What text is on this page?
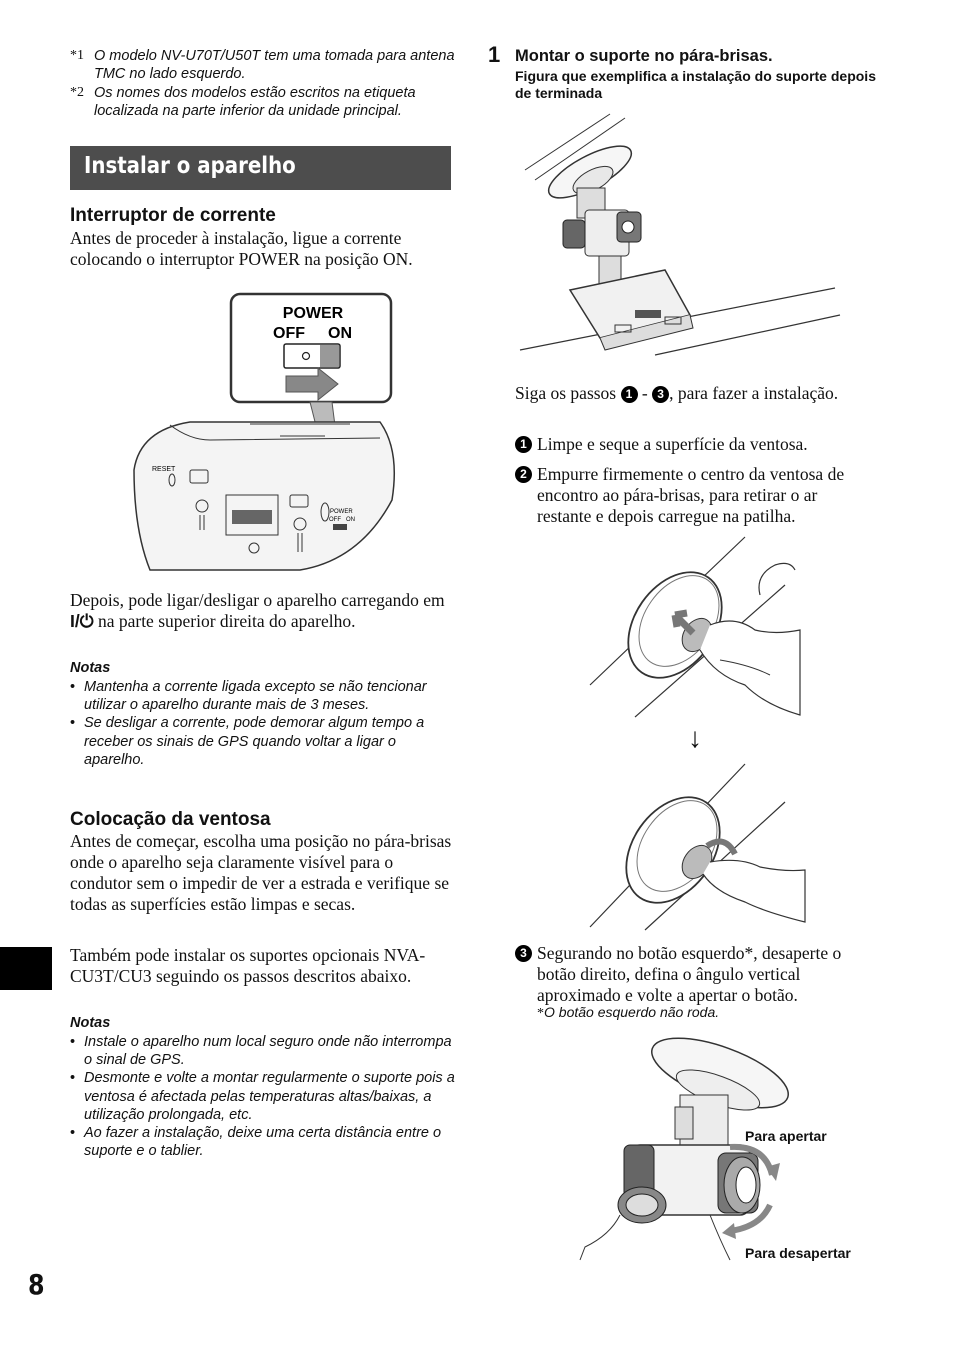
*1 O modelo NV-U70T/U50T tem uma tomada para antena TMC no lado esquerdo.
*2 Os nomes dos modelos estão escritos na etiqueta localizada na parte inferior da unidade principal.
Instalar o aparelho
Interruptor de corrente
Antes de proceder à instalação, ligue a corrente colocando o interruptor POWER na posição ON.
POWER
OFF ON
RESET
POWER
OFF ON
Depois, pode ligar/desligar o aparelho carregando em I/⏻ na parte superior direita do aparelho.
Notas
• Mantenha a corrente ligada excepto se não tencionar utilizar o aparelho durante mais de 3 meses.
• Se desligar a corrente, pode demorar algum tempo a receber os sinais de GPS quando voltar a ligar o aparelho.
Colocação da ventosa
Antes de começar, escolha uma posição no pára-brisas onde o aparelho seja claramente visível para o condutor sem o impedir de ver a estrada e verifique se todas as superfícies estão limpas e secas.
Também pode instalar os suportes opcionais NVA-CU3T/CU3 seguindo os passos descritos abaixo.
Notas
• Instale o aparelho num local seguro onde não interrompa o sinal de GPS.
• Desmonte e volte a montar regularmente o suporte pois a ventosa é afectada pelas temperaturas altas/baixas, a utilização prolongada, etc.
• Ao fazer a instalação, deixe uma certa distância entre o suporte e o tablier.
8
1 Montar o suporte no pára-brisas.
Figura que exemplifica a instalação do suporte depois de terminada
Siga os passos 1 - 3 , para fazer a instalação.
1 Limpe e seque a superfície da ventosa.
2 Empurre firmemente o centro da ventosa de encontro ao pára-brisas, para retirar o ar restante e depois carregue na patilha.
↓
3 Segurando no botão esquerdo*, desaperte o botão direito, defina o ângulo vertical aproximado e volte a apertar o botão.
*O botão esquerdo não roda.
Para apertar
Para desapertar
